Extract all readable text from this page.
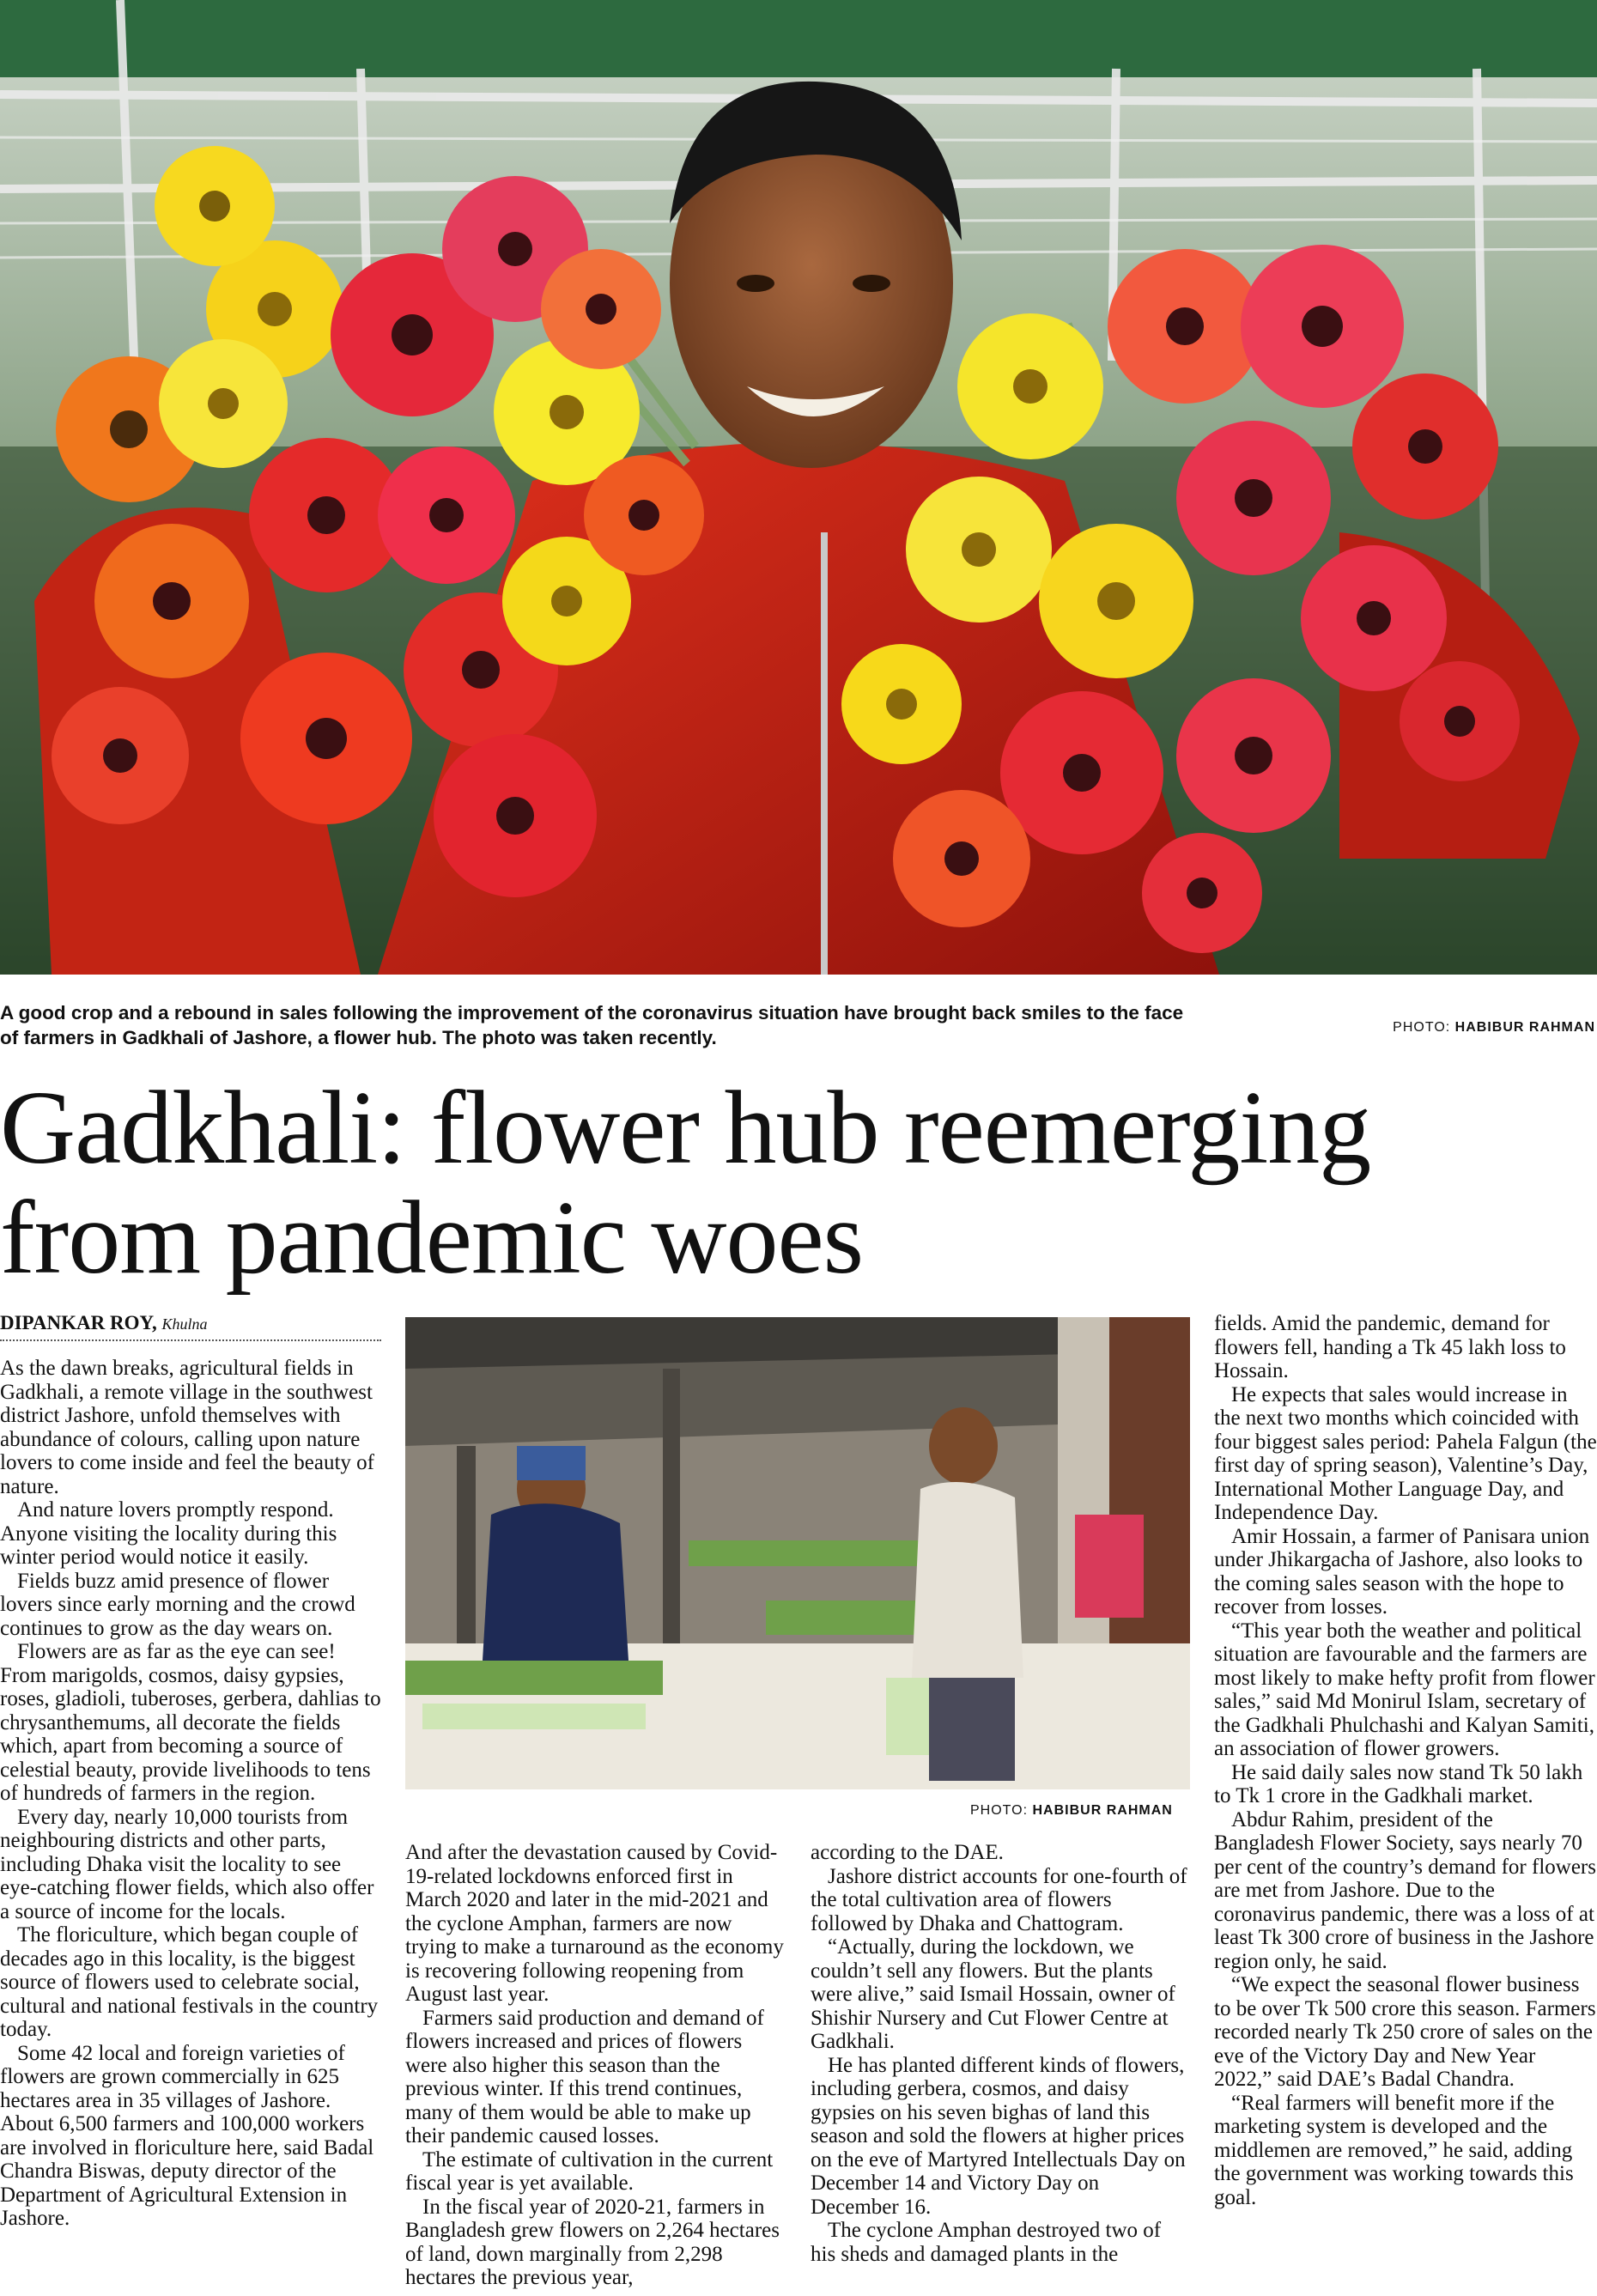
A good crop and a rebound in sales following the improvement of the coronavirus situation have brought back smiles to the face of farmers in Gadkhali of Jashore, a flower hub. The photo was taken recently.	PHOTO: HABIBUR RAHMAN
Gadkhali: flower hub reemerging
from pandemic woes
DIPANKAR ROY, Khulna

As the dawn breaks, agricultural fields in Gadkhali, a remote village in the southwest district Jashore, unfold themselves with abundance of colours, calling upon nature lovers to come inside and feel the beauty of nature.

And nature lovers promptly respond. Anyone visiting the locality during this winter period would notice it easily.

Fields buzz amid presence of flower lovers since early morning and the crowd continues to grow as the day wears on.

Flowers are as far as the eye can see! From marigolds, cosmos, daisy gypsies, roses, gladioli, tuberoses, gerbera, dahlias to chrysanthemums, all decorate the fields which, apart from becoming a source of celestial beauty, provide livelihoods to tens of hundreds of farmers in the region.

Every day, nearly 10,000 tourists from neighbouring districts and other parts, including Dhaka visit the locality to see eye-catching flower fields, which also offer a source of income for the locals.

The floriculture, which began couple of decades ago in this locality, is the biggest source of flowers used to celebrate social, cultural and national festivals in the country today.

Some 42 local and foreign varieties of flowers are grown commercially in 625 hectares area in 35 villages of Jashore. About 6,500 farmers and 100,000 workers are involved in floriculture here, said Badal Chandra Biswas, deputy director of the Department of Agricultural Extension in Jashore.

PHOTO: HABIBUR RAHMAN

And after the devastation caused by Covid-19-related lockdowns enforced first in March 2020 and later in the mid-2021 and the cyclone Amphan, farmers are now trying to make a turnaround as the economy is recovering following reopening from August last year.

Farmers said production and demand of flowers increased and prices of flowers were also higher this season than the previous winter. If this trend continues, many of them would be able to make up their pandemic caused losses.

The estimate of cultivation in the current fiscal year is yet available.

In the fiscal year of 2020-21, farmers in Bangladesh grew flowers on 2,264 hectares of land, down marginally from 2,298 hectares the previous year,

according to the DAE.

Jashore district accounts for one-fourth of the total cultivation area of flowers followed by Dhaka and Chattogram.

“Actually, during the lockdown, we couldn’t sell any flowers. But the plants were alive,” said Ismail Hossain, owner of Shishir Nursery and Cut Flower Centre at Gadkhali.

He has planted different kinds of flowers, including gerbera, cosmos, and daisy gypsies on his seven bighas of land this season and sold the flowers at higher prices on the eve of Martyred Intellectuals Day on December 14 and Victory Day on December 16.

The cyclone Amphan destroyed two of his sheds and damaged plants in the

fields. Amid the pandemic, demand for flowers fell, handing a Tk 45 lakh loss to Hossain.

He expects that sales would increase in the next two months which coincided with four biggest sales period: Pahela Falgun (the first day of spring season), Valentine’s Day, International Mother Language Day, and Independence Day.

Amir Hossain, a farmer of Panisara union under Jhikargacha of Jashore, also looks to the coming sales season with the hope to recover from losses.

“This year both the weather and political situation are favourable and the farmers are most likely to make hefty profit from flower sales,” said Md Monirul Islam, secretary of the Gadkhali Phulchashi and Kalyan Samiti, an association of flower growers.

He said daily sales now stand Tk 50 lakh to Tk 1 crore in the Gadkhali market.

Abdur Rahim, president of the Bangladesh Flower Society, says nearly 70 per cent of the country’s demand for flowers are met from Jashore. Due to the coronavirus pandemic, there was a loss of at least Tk 300 crore of business in the Jashore region only, he said.

“We expect the seasonal flower business to be over Tk 500 crore this season. Farmers recorded nearly Tk 250 crore of sales on the eve of the Victory Day and New Year 2022,” said DAE’s Badal Chandra.

“Real farmers will benefit more if the marketing system is developed and the middlemen are removed,” he said, adding the government was working towards this goal.
